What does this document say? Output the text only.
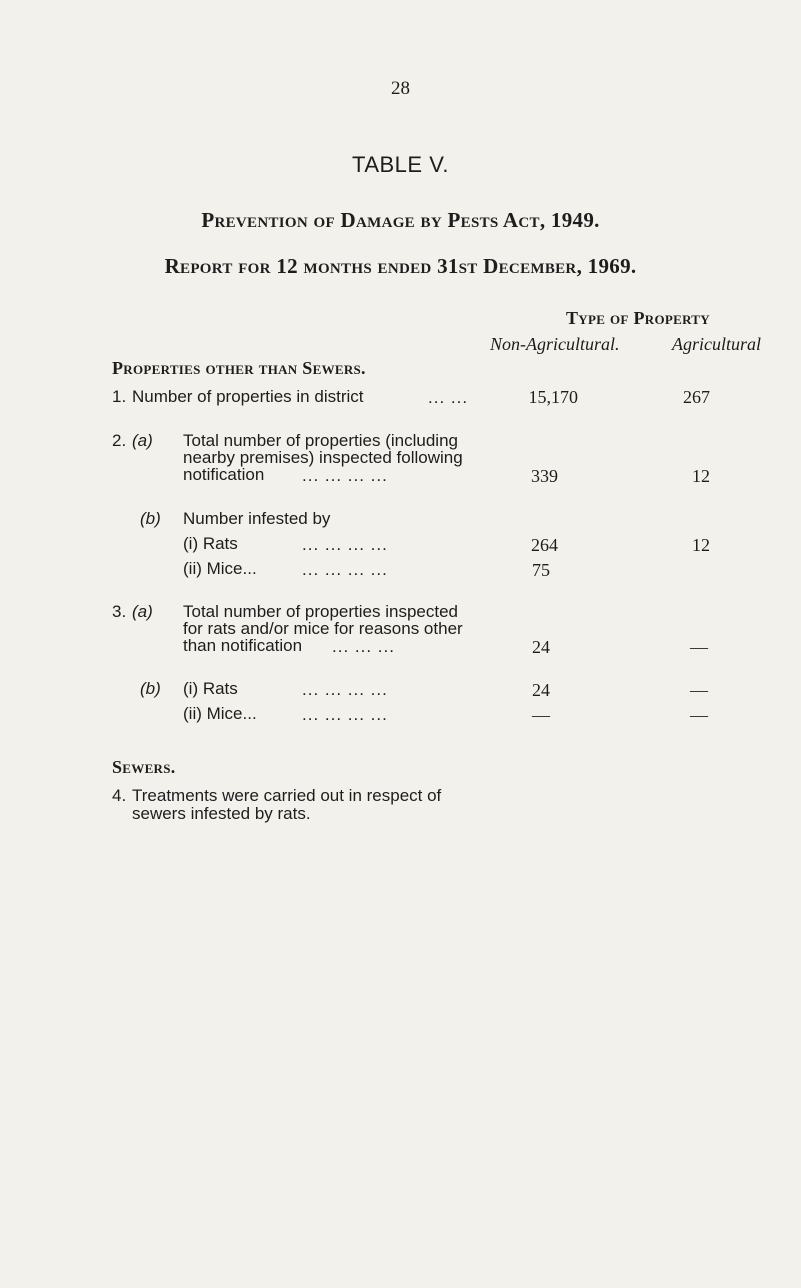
28
TABLE V.
Prevention of Damage by Pests Act, 1949.
Report for 12 months ended 31st December, 1969.
Type of Property
Non-Agricultural.	Agricultural
Properties other than Sewers.
1. Number of properties in district	... ...	15,170	267
2. (a) Total number of properties (including
nearby premises) inspected following
notification ... ... ... ...	339	12
(b) Number infested by
(i) Rats	... ... ... ...	264	12
(ii) Mice...	... ... ... ...	75
3. (a) Total number of properties inspected
for rats and/or mice for reasons other
than notification ... ... ...	24	—
(b) (i) Rats	... ... ... ...	24	—
(ii) Mice...	... ... ... ...	—	—
Sewers.
4. Treatments were carried out in respect of
sewers infested by rats.
